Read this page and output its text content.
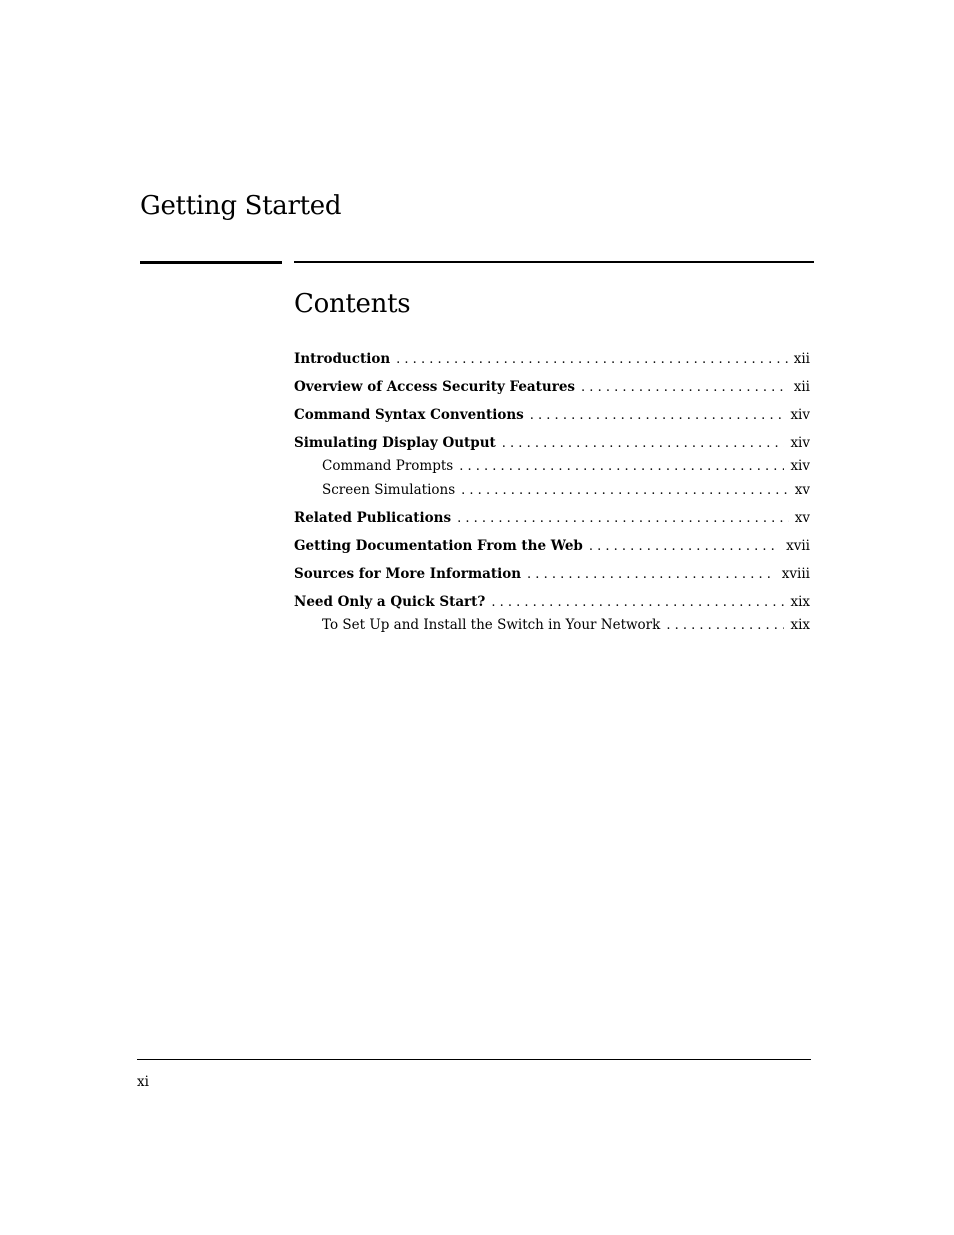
Getting Started
Contents
Introduction . . .	xii
Overview of Access Security Features . . .	xii
Command Syntax Conventions . . .	xiv
Simulating Display Output . . .	xiv
Command Prompts . . .	xiv
Screen Simulations . . .	xv
Related Publications . . .	xv
Getting Documentation From the Web . . .	xvii
Sources for More Information . . .	xviii
Need Only a Quick Start? . . .	xix
To Set Up and Install the Switch in Your Network . . .	xix
xi
